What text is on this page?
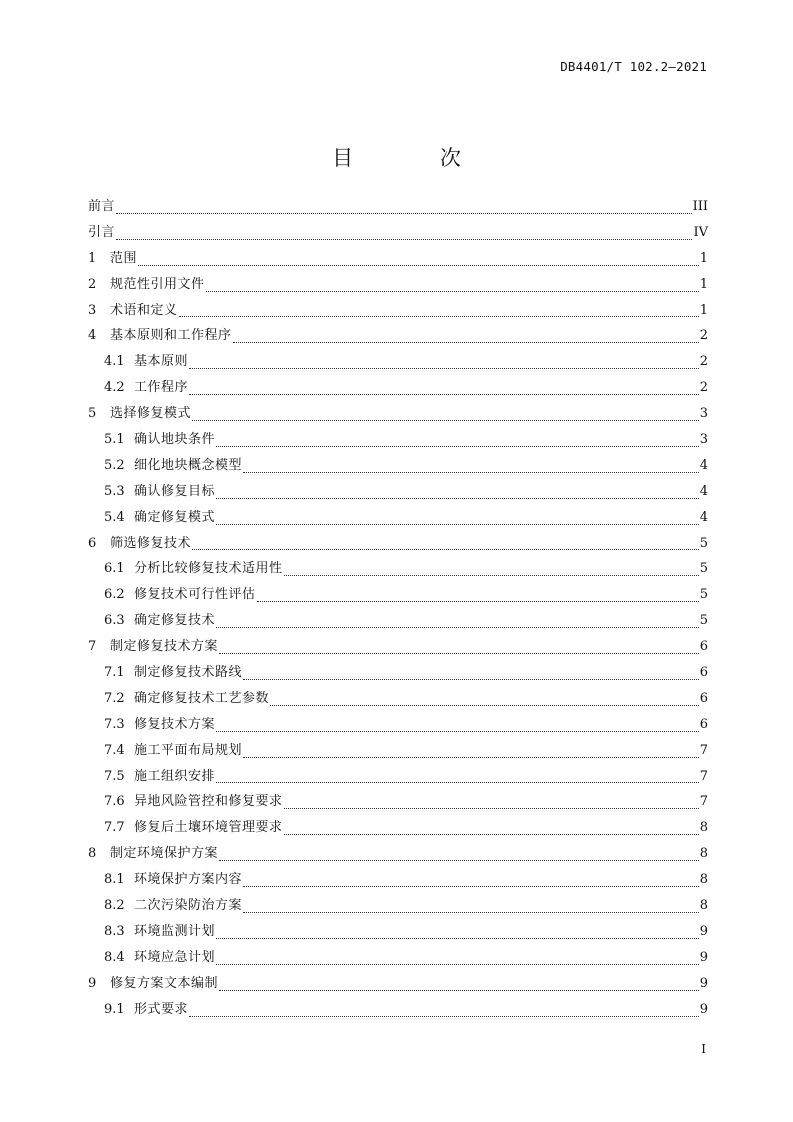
DB4401/T 102.2—2021
目 次
前言	III
引言	IV
1	范围	1
2	规范性引用文件	1
3	术语和定义	1
4	基本原则和工作程序	2
4.1 基本原则	2
4.2 工作程序	2
5	选择修复模式	3
5.1 确认地块条件	3
5.2 细化地块概念模型	4
5.3 确认修复目标	4
5.4 确定修复模式	4
6	筛选修复技术	5
6.1 分析比较修复技术适用性	5
6.2 修复技术可行性评估	5
6.3 确定修复技术	5
7	制定修复技术方案	6
7.1 制定修复技术路线	6
7.2 确定修复技术工艺参数	6
7.3 修复技术方案	6
7.4 施工平面布局规划	7
7.5 施工组织安排	7
7.6 异地风险管控和修复要求	7
7.7 修复后土壤环境管理要求	8
8	制定环境保护方案	8
8.1 环境保护方案内容	8
8.2 二次污染防治方案	8
8.3 环境监测计划	9
8.4 环境应急计划	9
9	修复方案文本编制	9
9.1 形式要求	9
I
